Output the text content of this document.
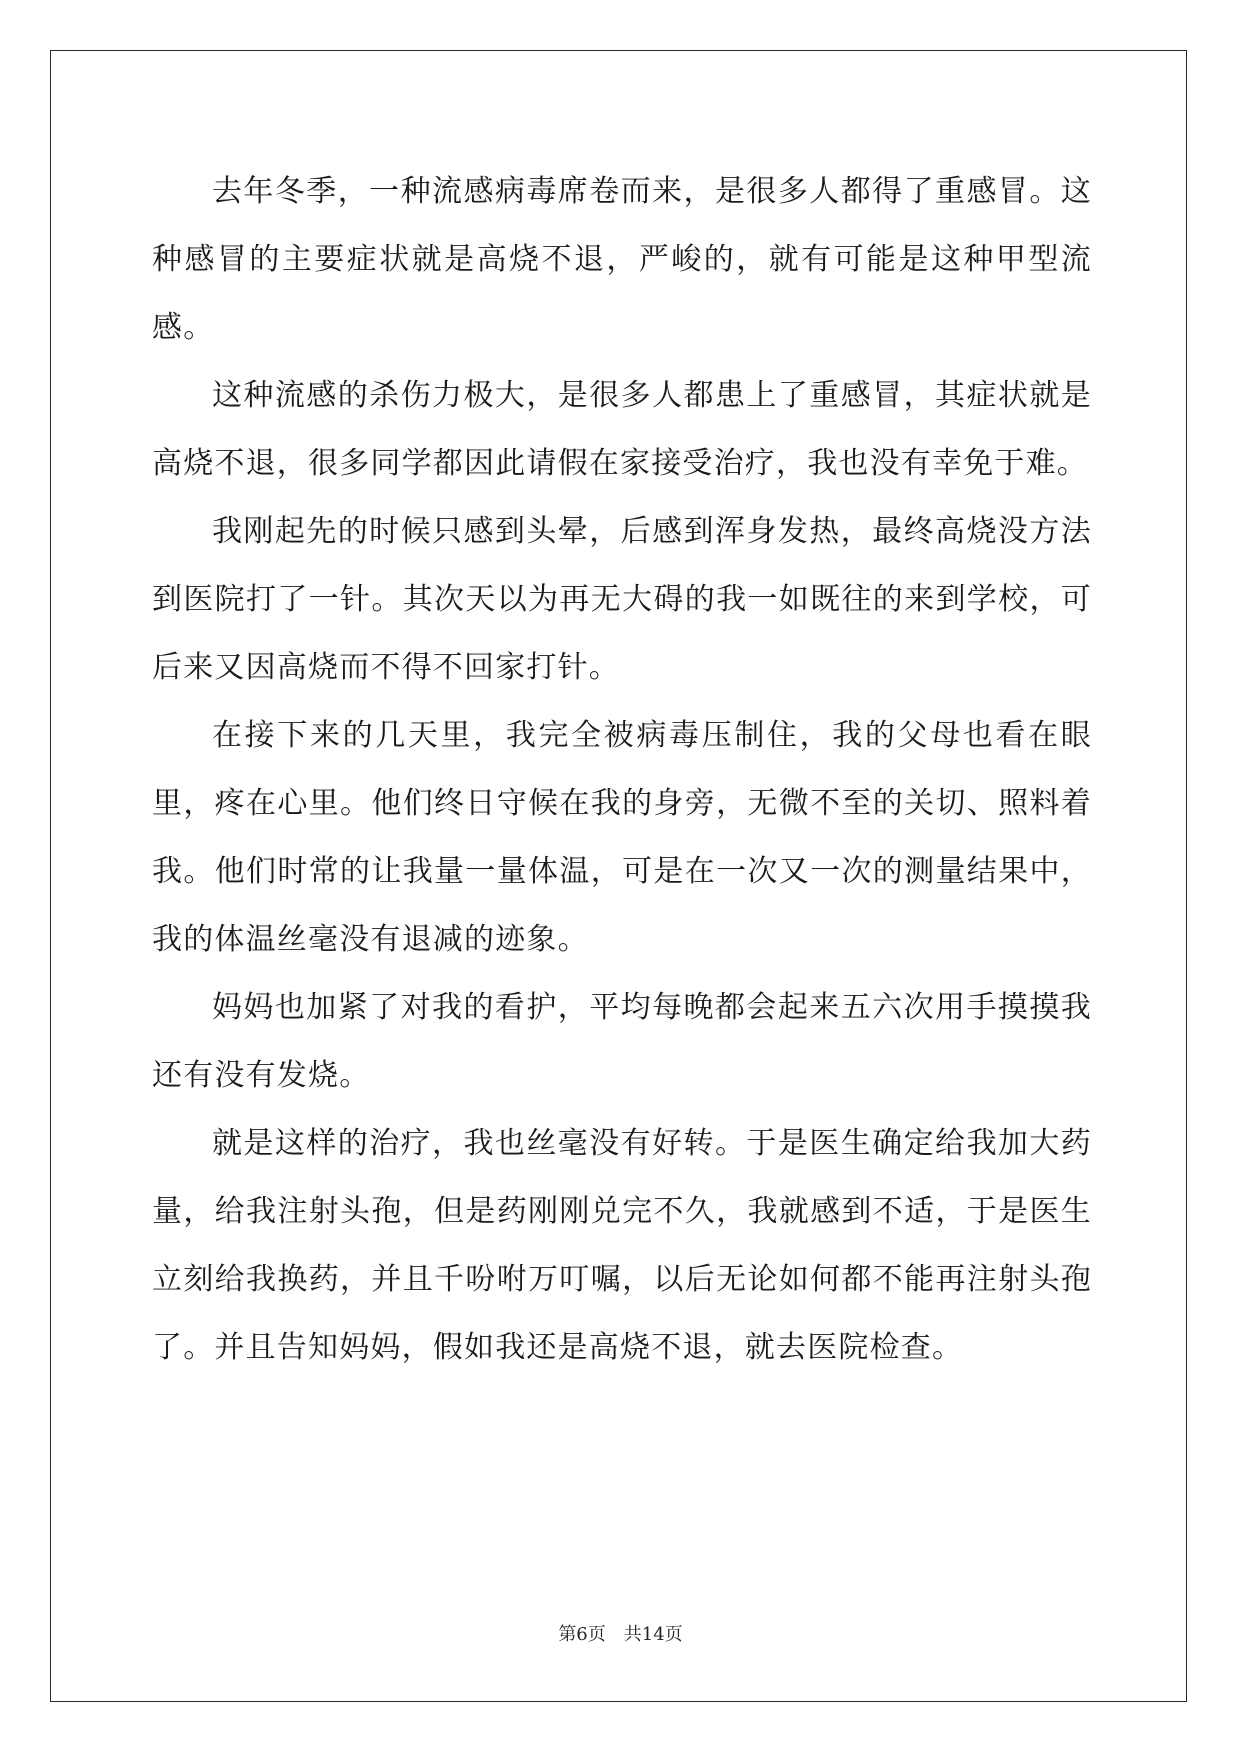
去年冬季，一种流感病毒席卷而来，是很多人都得了重感冒。这种感冒的主要症状就是高烧不退，严峻的，就有可能是这种甲型流感。

这种流感的杀伤力极大，是很多人都患上了重感冒，其症状就是高烧不退，很多同学都因此请假在家接受治疗，我也没有幸免于难。

我刚起先的时候只感到头晕，后感到浑身发热，最终高烧没方法到医院打了一针。其次天以为再无大碍的我一如既往的来到学校，可后来又因高烧而不得不回家打针。

在接下来的几天里，我完全被病毒压制住，我的父母也看在眼里，疼在心里。他们终日守候在我的身旁，无微不至的关切、照料着我。他们时常的让我量一量体温，可是在一次又一次的测量结果中，我的体温丝毫没有退减的迹象。

妈妈也加紧了对我的看护，平均每晚都会起来五六次用手摸摸我还有没有发烧。

就是这样的治疗，我也丝毫没有好转。于是医生确定给我加大药量，给我注射头孢，但是药刚刚兑完不久，我就感到不适，于是医生立刻给我换药，并且千吩咐万叮嘱，以后无论如何都不能再注射头孢了。并且告知妈妈，假如我还是高烧不退，就去医院检查。

第6页 共14页
